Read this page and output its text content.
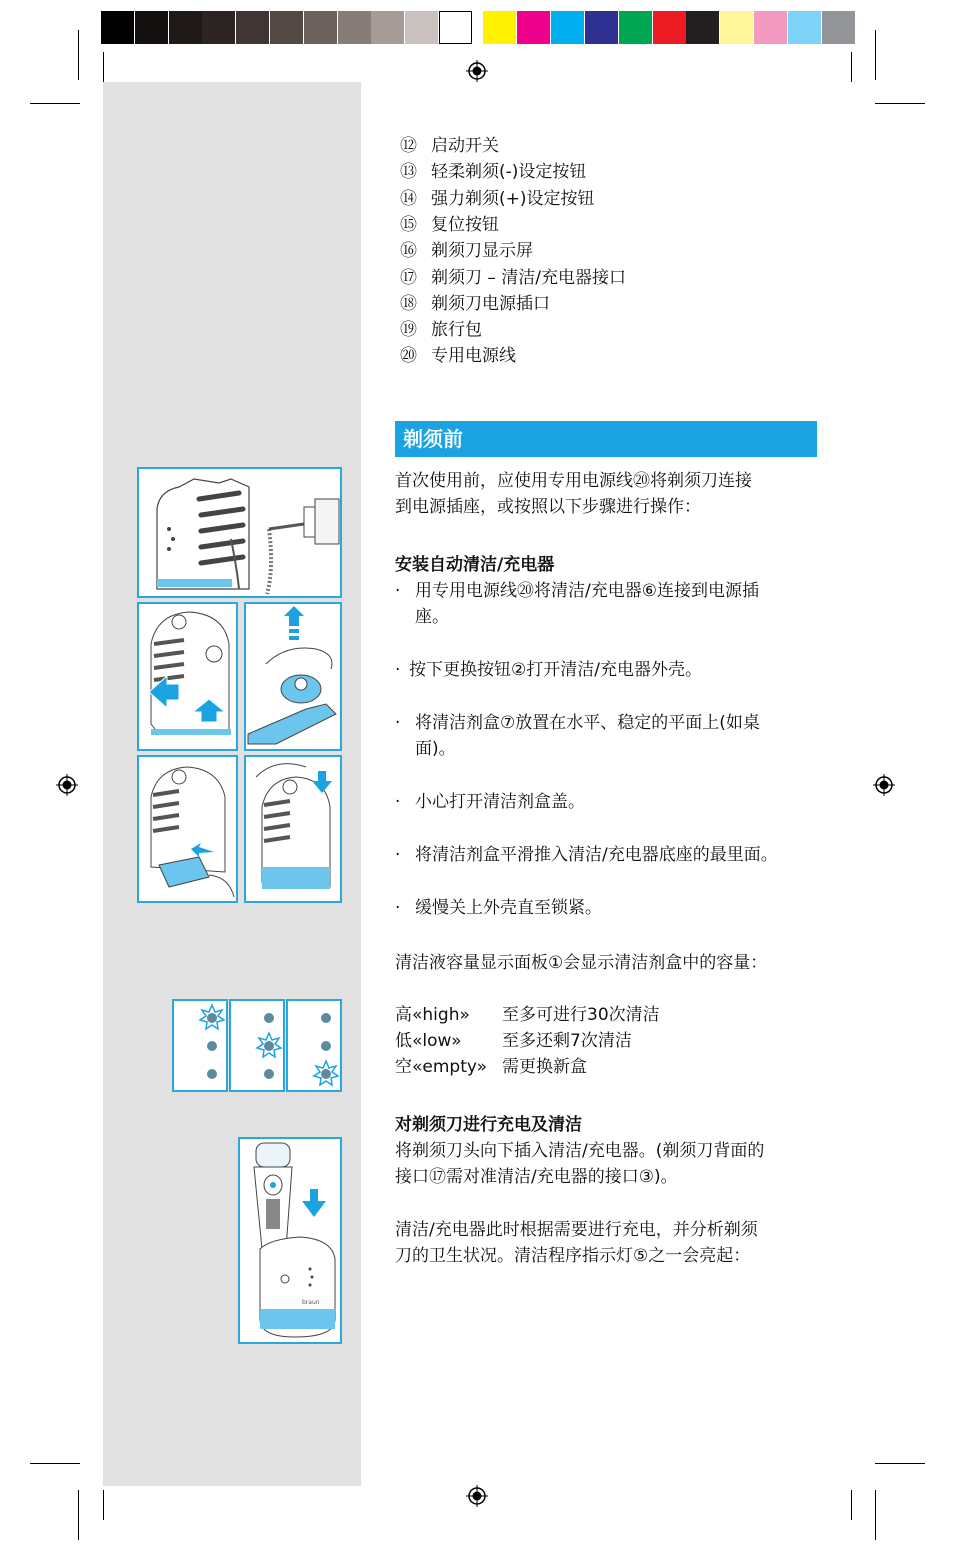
braun
⑫ 启动开关
⑬ 轻柔剃须(-)设定按钮
⑭ 强力剃须(+)设定按钮
⑮ 复位按钮
⑯ 剃须刀显示屏
⑰ 剃须刀 – 清洁/充电器接口
⑱ 剃须刀电源插口
⑲ 旅行包
⑳ 专用电源线
剃须前
首次使用前，应使用专用电源线⑳将剃须刀连接
到电源插座，或按照以下步骤进行操作：
安装自动清洁/充电器
· 用专用电源线⑳将清洁/充电器⑥连接到电源插
座。
· 按下更换按钮②打开清洁/充电器外壳。
· 将清洁剂盒⑦放置在水平、稳定的平面上(如桌
面)。
· 小心打开清洁剂盒盖。
· 将清洁剂盒平滑推入清洁/充电器底座的最里面。
· 缓慢关上外壳直至锁紧。
清洁液容量显示面板①会显示清洁剂盒中的容量：
高«high» 至多可进行30次清洁
低«low» 至多还剩7次清洁
空«empty» 需更换新盒
对剃须刀进行充电及清洁
将剃须刀头向下插入清洁/充电器。(剃须刀背面的
接口⑰需对准清洁/充电器的接口③)。
清洁/充电器此时根据需要进行充电，并分析剃须
刀的卫生状况。清洁程序指示灯⑤之一会亮起：
